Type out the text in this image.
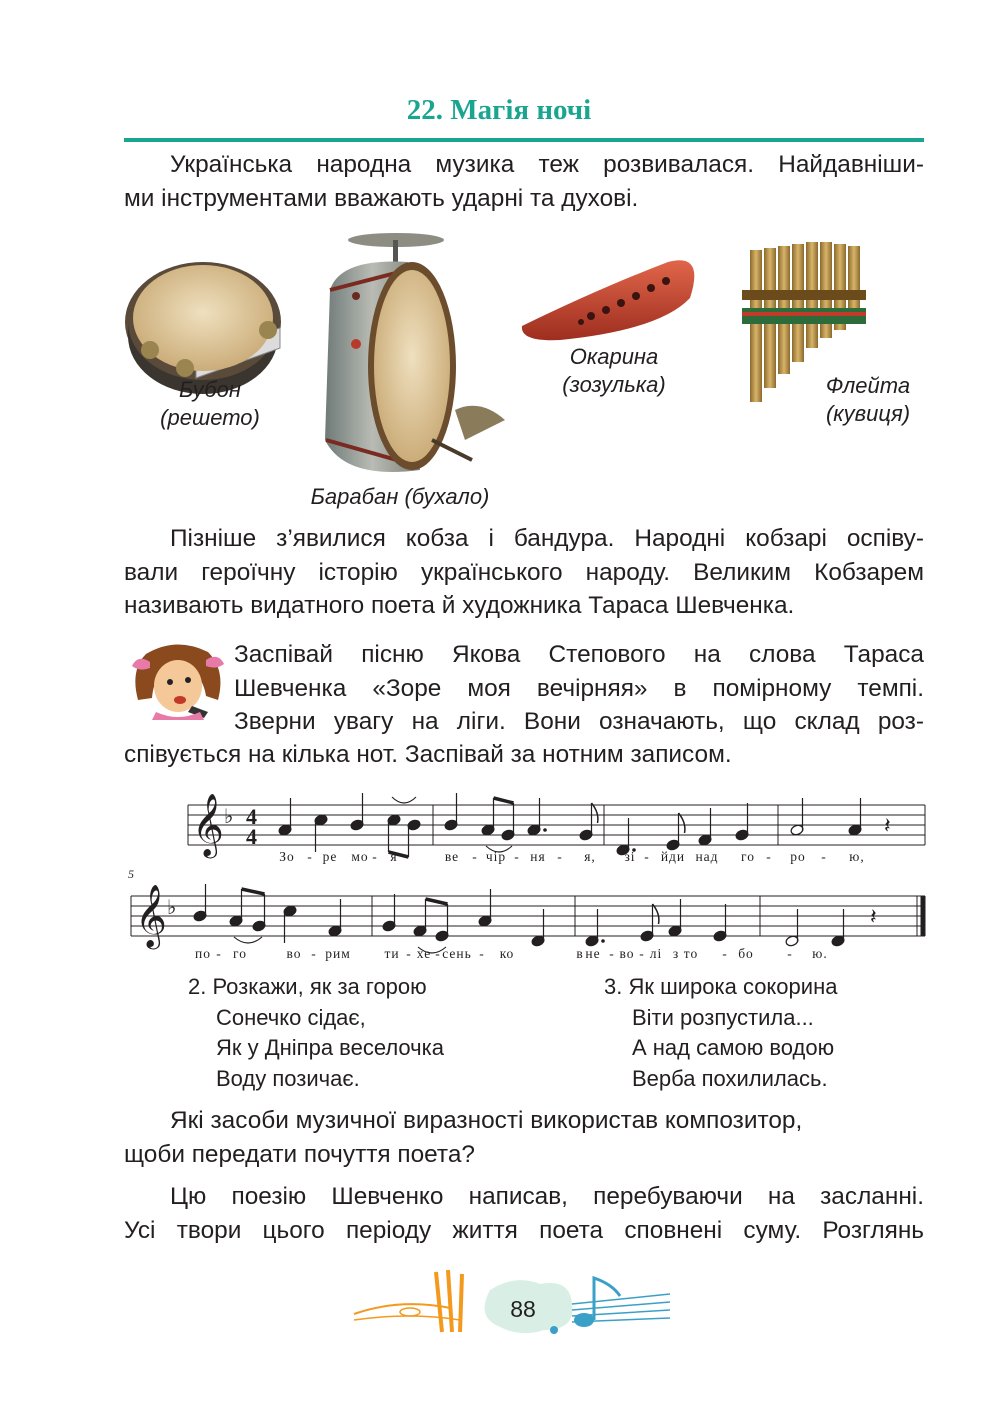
22. Магія ночі
Українська народна музика теж розвивалася. Найдавніши-
ми інструментами вважають ударні та духові.
Бубон
(решето)
Окарина
(зозулька)	Флейта
(кувиця)
Барабан (бухало)
Пізніше з’явилися кобза і бандура. Народні кобзарі оспіву-
вали героїчну історію українського народу. Великим Кобзарем
називають видатного поета й художника Тараса Шевченка.
Заспівай пісню Якова Степового на слова Тараса
Шевченка «Зоре моя вечірняя» в помірному темпі.
Зверни увагу на ліги. Вони означають, що склад роз-
співується на кілька нот. Заспівай за нотним записом.
𝄞 ♭ 4
4	𝄽
Зо - ре мо - я	ве - чір - ня - я, зі - йди над го - ро - ю,
5
𝄞 ♭	𝄽
по - го	во - рим ти - хе - сень - ко	в не - во - лі з то - бо - ю.
2. Розкажи, як за горою
Сонечко сідає,
Як у Дніпра веселочка
Воду позичає.
3. Як широка сокорина
Віти розпустила...
А над самою водою
Верба похилилась.
Які засоби музичної виразності використав композитор,
щоби передати почуття поета?
Цю поезію Шевченко написав, перебуваючи на засланні.
Усі твори цього періоду життя поета сповнені суму. Розглянь
88
